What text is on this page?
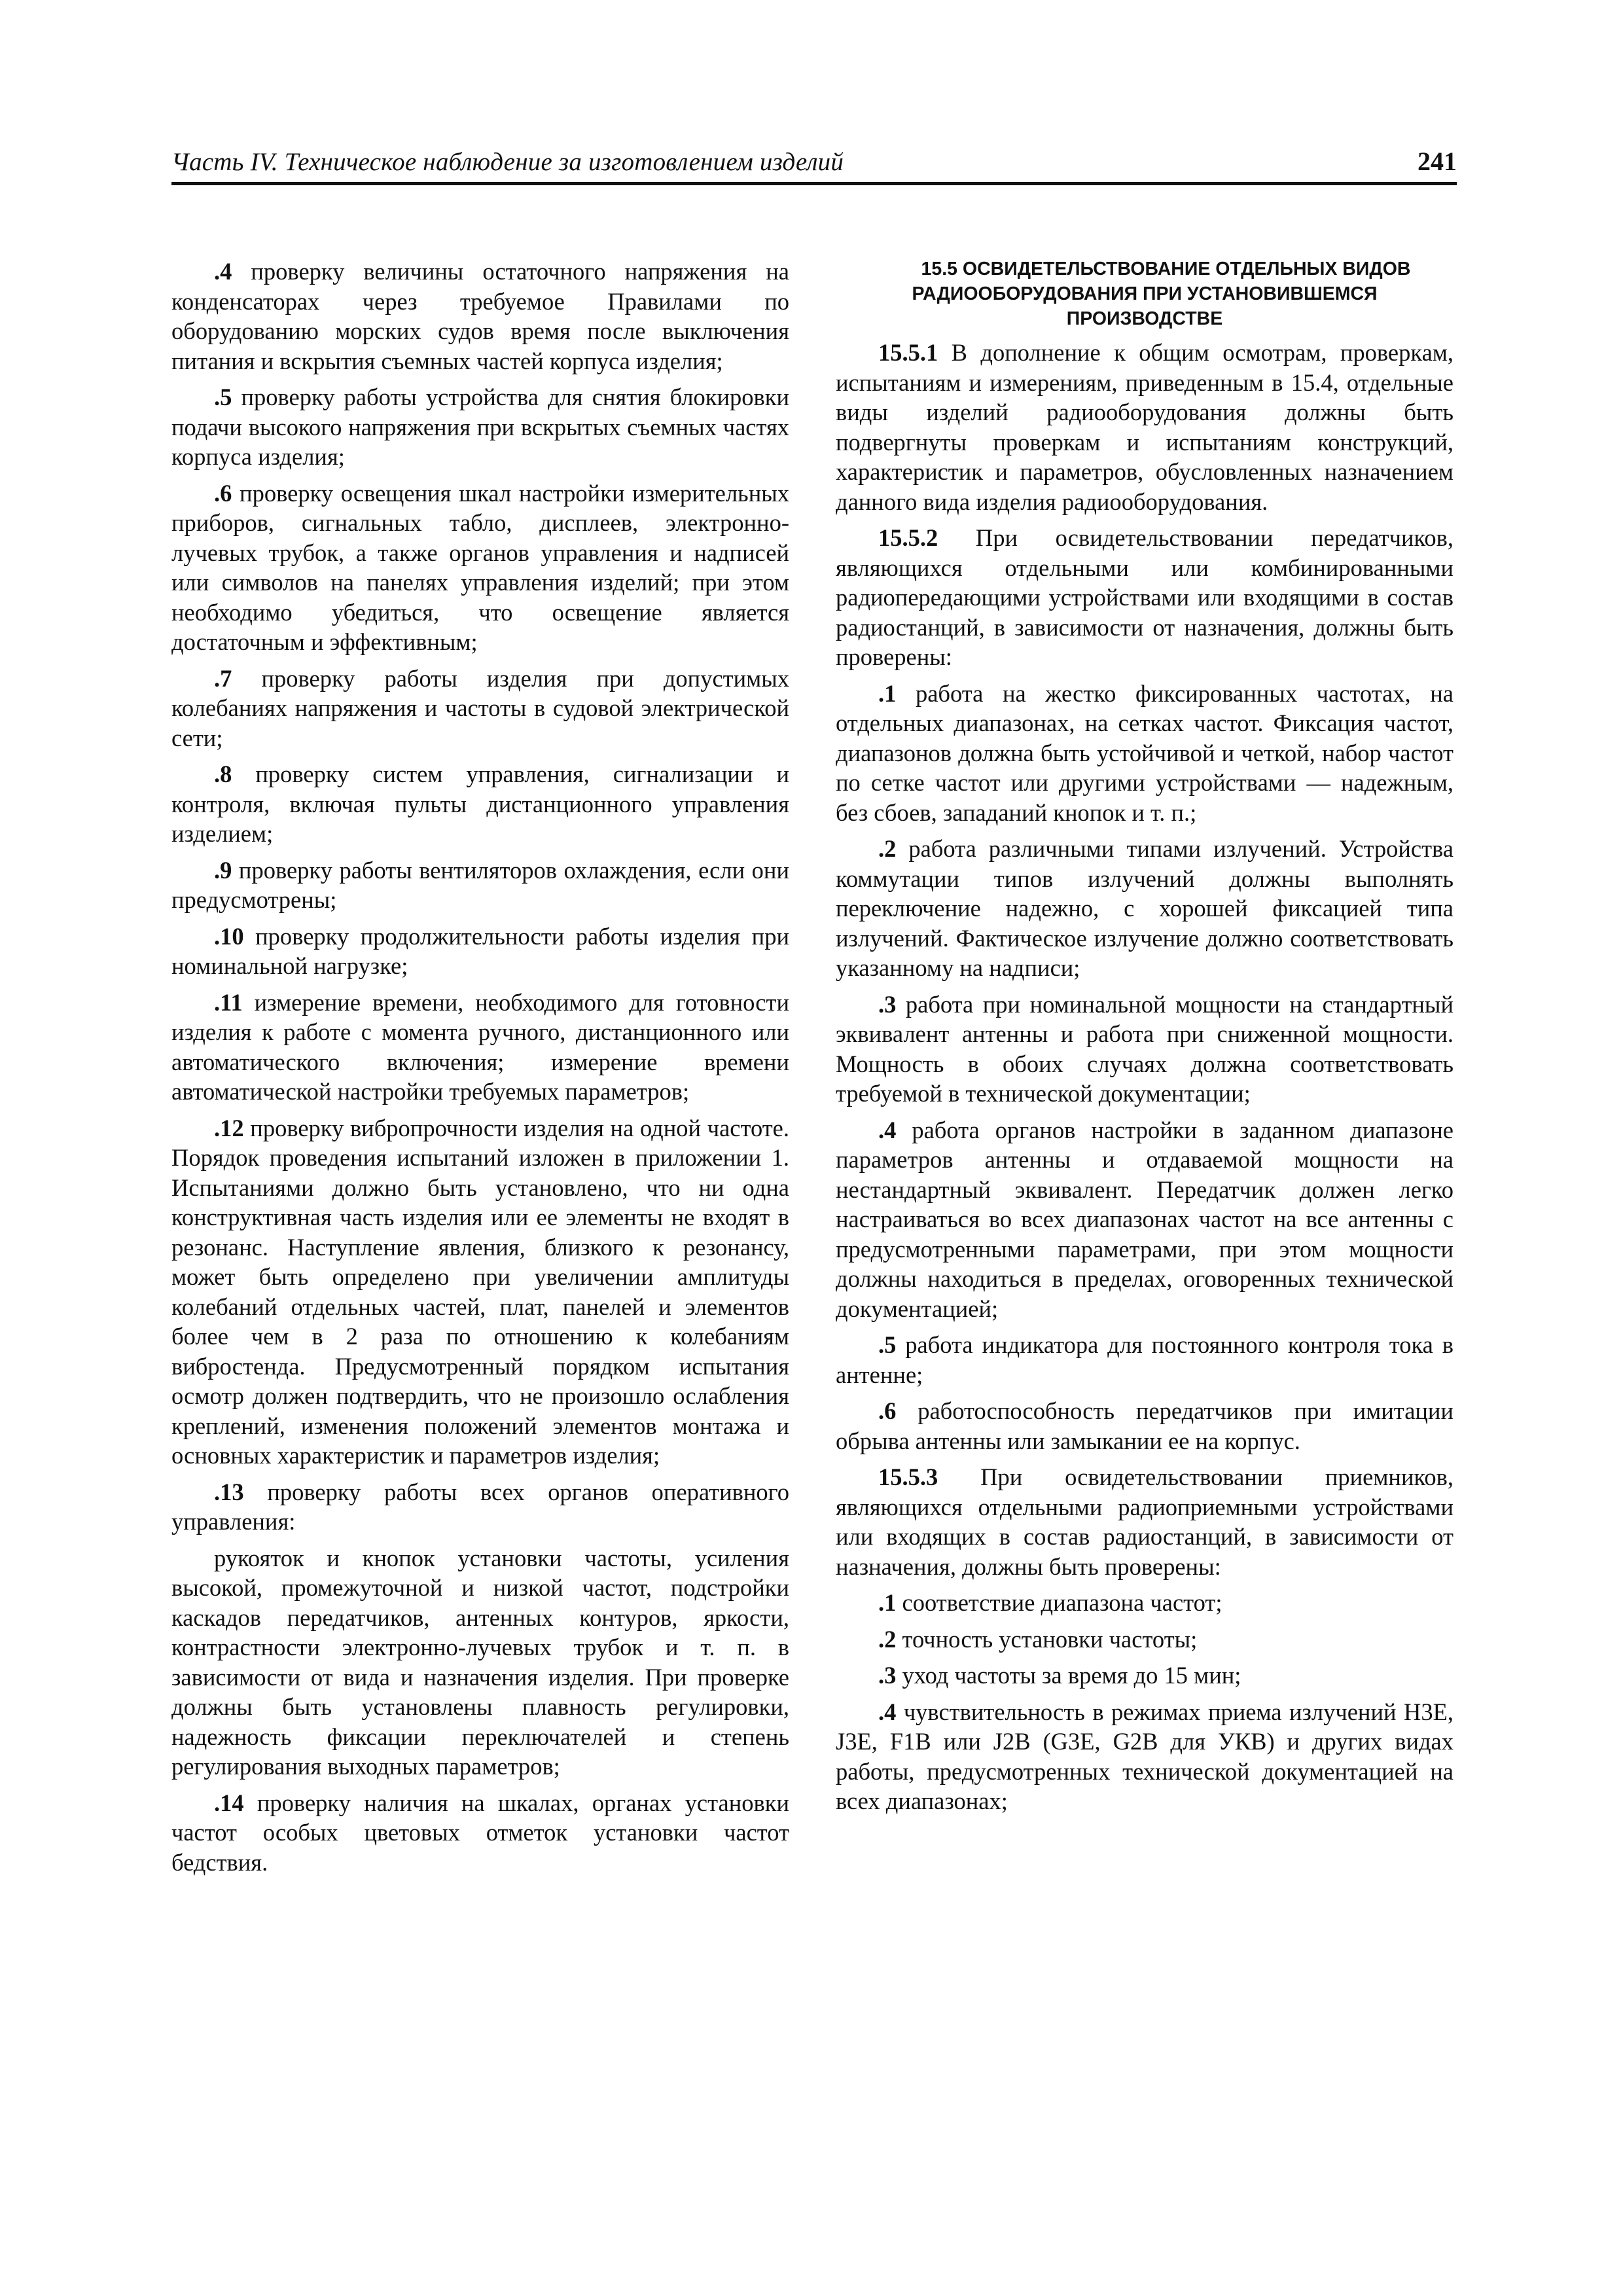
Часть IV. Техническое наблюдение за изготовлением изделий	241

.4 проверку величины остаточного напряжения на конденсаторах через требуемое Правилами по оборудованию морских судов время после выключения питания и вскрытия съемных частей корпуса изделия;

.5 проверку работы устройства для снятия блокировки подачи высокого напряжения при вскрытых съемных частях корпуса изделия;

.6 проверку освещения шкал настройки измерительных приборов, сигнальных табло, дисплеев, электронно-лучевых трубок, а также органов управления и надписей или символов на панелях управления изделий; при этом необходимо убедиться, что освещение является достаточным и эффективным;

.7 проверку работы изделия при допустимых колебаниях напряжения и частоты в судовой электрической сети;

.8 проверку систем управления, сигнализации и контроля, включая пульты дистанционного управления изделием;

.9 проверку работы вентиляторов охлаждения, если они предусмотрены;

.10 проверку продолжительности работы изделия при номинальной нагрузке;

.11 измерение времени, необходимого для готовности изделия к работе с момента ручного, дистанционного или автоматического включения; измерение времени автоматической настройки требуемых параметров;

.12 проверку вибропрочности изделия на одной частоте. Порядок проведения испытаний изложен в приложении 1. Испытаниями должно быть установлено, что ни одна конструктивная часть изделия или ее элементы не входят в резонанс. Наступление явления, близкого к резонансу, может быть определено при увеличении амплитуды колебаний отдельных частей, плат, панелей и элементов более чем в 2 раза по отношению к колебаниям вибростенда. Предусмотренный порядком испытания осмотр должен подтвердить, что не произошло ослабления креплений, изменения положений элементов монтажа и основных характеристик и параметров изделия;

.13 проверку работы всех органов оперативного управления:

рукояток и кнопок установки частоты, усиления высокой, промежуточной и низкой частот, подстройки каскадов передатчиков, антенных контуров, яркости, контрастности электронно-лучевых трубок и т. п. в зависимости от вида и назначения изделия. При проверке должны быть установлены плавность регулировки, надежность фиксации переключателей и степень регулирования выходных параметров;

.14 проверку наличия на шкалах, органах установки частот особых цветовых отметок установки частот бедствия.

15.5 ОСВИДЕТЕЛЬСТВОВАНИЕ ОТДЕЛЬНЫХ ВИДОВ РАДИООБОРУДОВАНИЯ ПРИ УСТАНОВИВШЕМСЯ ПРОИЗВОДСТВЕ

15.5.1 В дополнение к общим осмотрам, проверкам, испытаниям и измерениям, приведенным в 15.4, отдельные виды изделий радиооборудования должны быть подвергнуты проверкам и испытаниям конструкций, характеристик и параметров, обусловленных назначением данного вида изделия радиооборудования.

15.5.2 При освидетельствовании передатчиков, являющихся отдельными или комбинированными радиопередающими устройствами или входящими в состав радиостанций, в зависимости от назначения, должны быть проверены:

.1 работа на жестко фиксированных частотах, на отдельных диапазонах, на сетках частот. Фиксация частот, диапазонов должна быть устойчивой и четкой, набор частот по сетке частот или другими устройствами — надежным, без сбоев, западаний кнопок и т. п.;

.2 работа различными типами излучений. Устройства коммутации типов излучений должны выполнять переключение надежно, с хорошей фиксацией типа излучений. Фактическое излучение должно соответствовать указанному на надписи;

.3 работа при номинальной мощности на стандартный эквивалент антенны и работа при сниженной мощности. Мощность в обоих случаях должна соответствовать требуемой в технической документации;

.4 работа органов настройки в заданном диапазоне параметров антенны и отдаваемой мощности на нестандартный эквивалент. Передатчик должен легко настраиваться во всех диапазонах частот на все антенны с предусмотренными параметрами, при этом мощности должны находиться в пределах, оговоренных технической документацией;

.5 работа индикатора для постоянного контроля тока в антенне;

.6 работоспособность передатчиков при имитации обрыва антенны или замыкании ее на корпус.

15.5.3 При освидетельствовании приемников, являющихся отдельными радиоприемными устройствами или входящих в состав радиостанций, в зависимости от назначения, должны быть проверены:

.1 соответствие диапазона частот;

.2 точность установки частоты;

.3 уход частоты за время до 15 мин;

.4 чувствительность в режимах приема излучений H3E, J3E, F1B или J2B (G3E, G2B для УКВ) и других видах работы, предусмотренных технической документацией на всех диапазонах;
